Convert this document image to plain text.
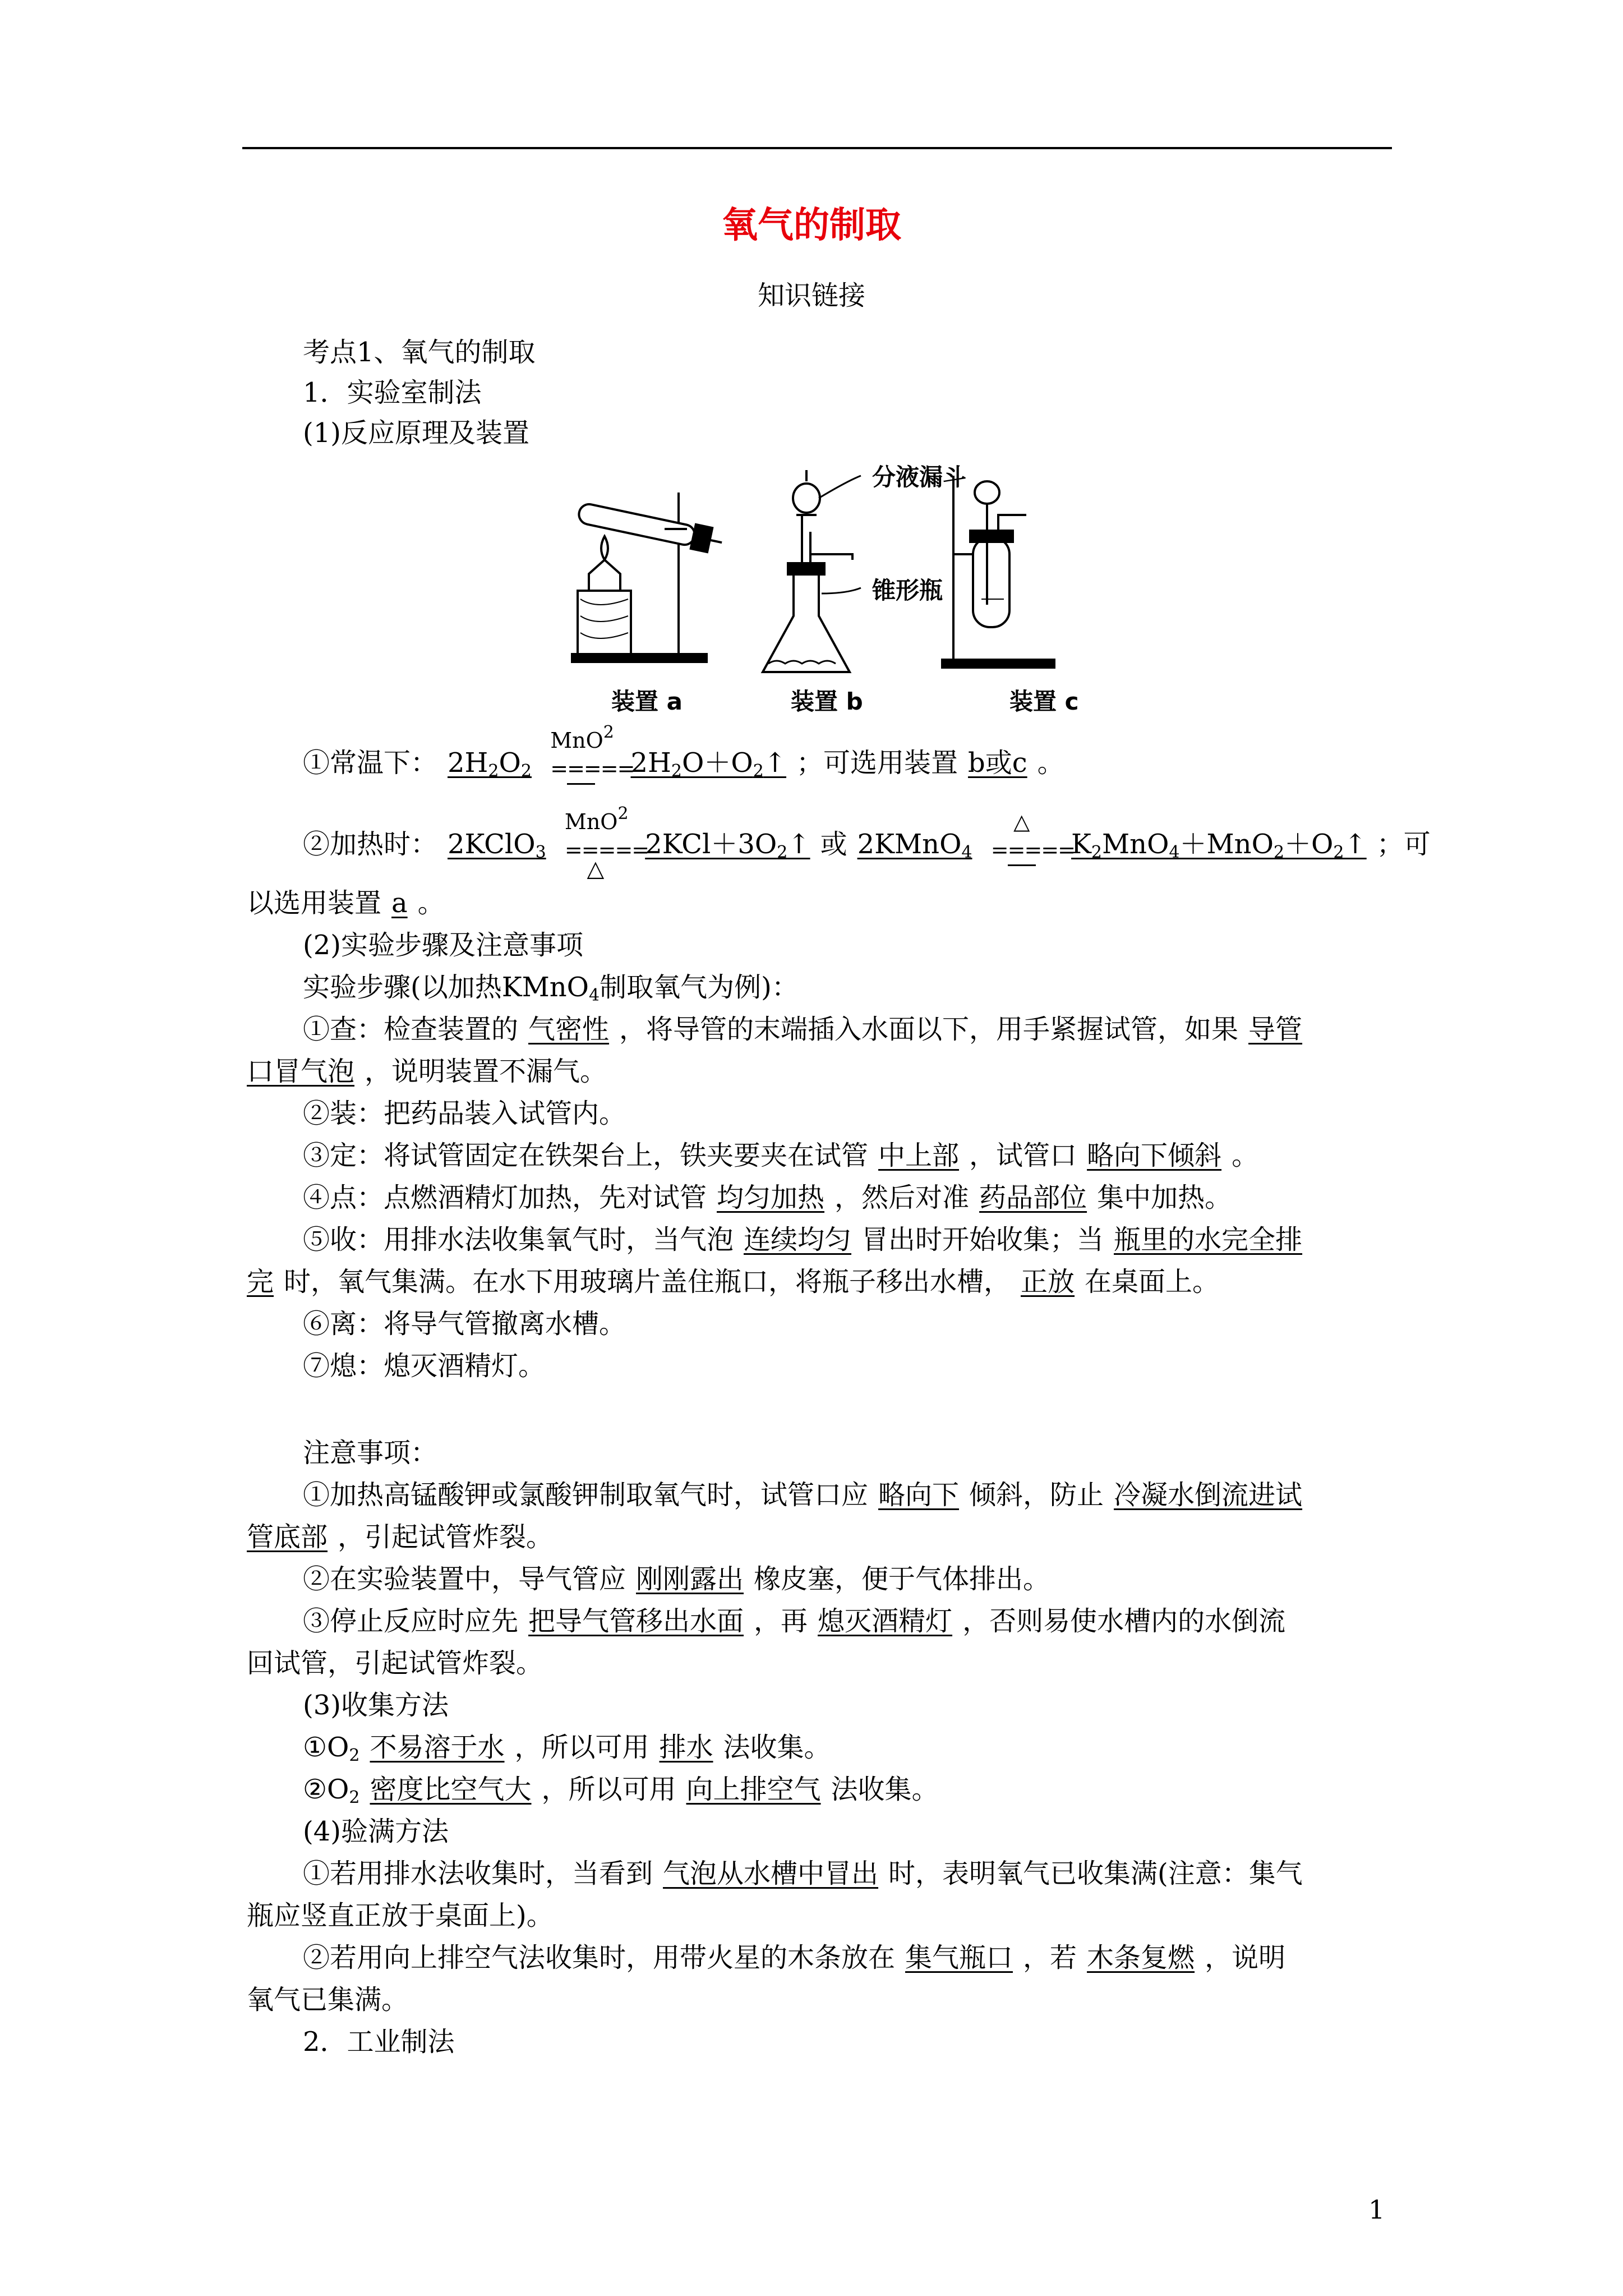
氧气的制取
知识链接
考点1、氧气的制取
1．实验室制法
(1)反应原理及装置
分液漏斗
锥形瓶
装置 a	装置 b	装置 c
①常温下： $2H_2O_2$
MnO$^2$
=====
$2H_2O+O_2↑$ ；可选用装置 b或c 。
②加热时： 2KClO$_3$
MnO$^2$
=====
△
$2KCl+3O_2↑$ 或 2KMnO$_4$
△
=====
$K_2MnO_4+MnO_2+O_2↑$ ；可
以选用装置 a 。
(2)实验步骤及注意事项
实验步骤(以加热KMnO$_4$制取氧气为例)：
①查：检查装置的 气密性 ，将导管的末端插入水面以下，用手紧握试管，如果 导管
口冒气泡 ，说明装置不漏气。
②装：把药品装入试管内。
③定：将试管固定在铁架台上，铁夹要夹在试管 中上部 ，试管口 略向下倾斜 。
④点：点燃酒精灯加热，先对试管 均匀加热 ，然后对准 药品部位 集中加热。
⑤收：用排水法收集氧气时，当气泡 连续均匀 冒出时开始收集；当 瓶里的水完全排
完 时，氧气集满。在水下用玻璃片盖住瓶口，将瓶子移出水槽， 正放 在桌面上。
⑥离：将导气管撤离水槽。
⑦熄：熄灭酒精灯。
注意事项：
①加热高锰酸钾或氯酸钾制取氧气时，试管口应 略向下 倾斜，防止 冷凝水倒流进试
管底部 ，引起试管炸裂。
②在实验装置中，导气管应 刚刚露出 橡皮塞，便于气体排出。
③停止反应时应先 把导气管移出水面 ，再 熄灭酒精灯 ，否则易使水槽内的水倒流
回试管，引起试管炸裂。
(3)收集方法
$①O_2$ 不易溶于水 ，所以可用 排水 法收集。
$②O_2$ 密度比空气大 ，所以可用 向上排空气 法收集。
(4)验满方法
①若用排水法收集时，当看到 气泡从水槽中冒出 时，表明氧气已收集满(注意：集气
瓶应竖直正放于桌面上)。
②若用向上排空气法收集时，用带火星的木条放在 集气瓶口 ，若 木条复燃 ，说明
氧气已集满。
2．工业制法
1
